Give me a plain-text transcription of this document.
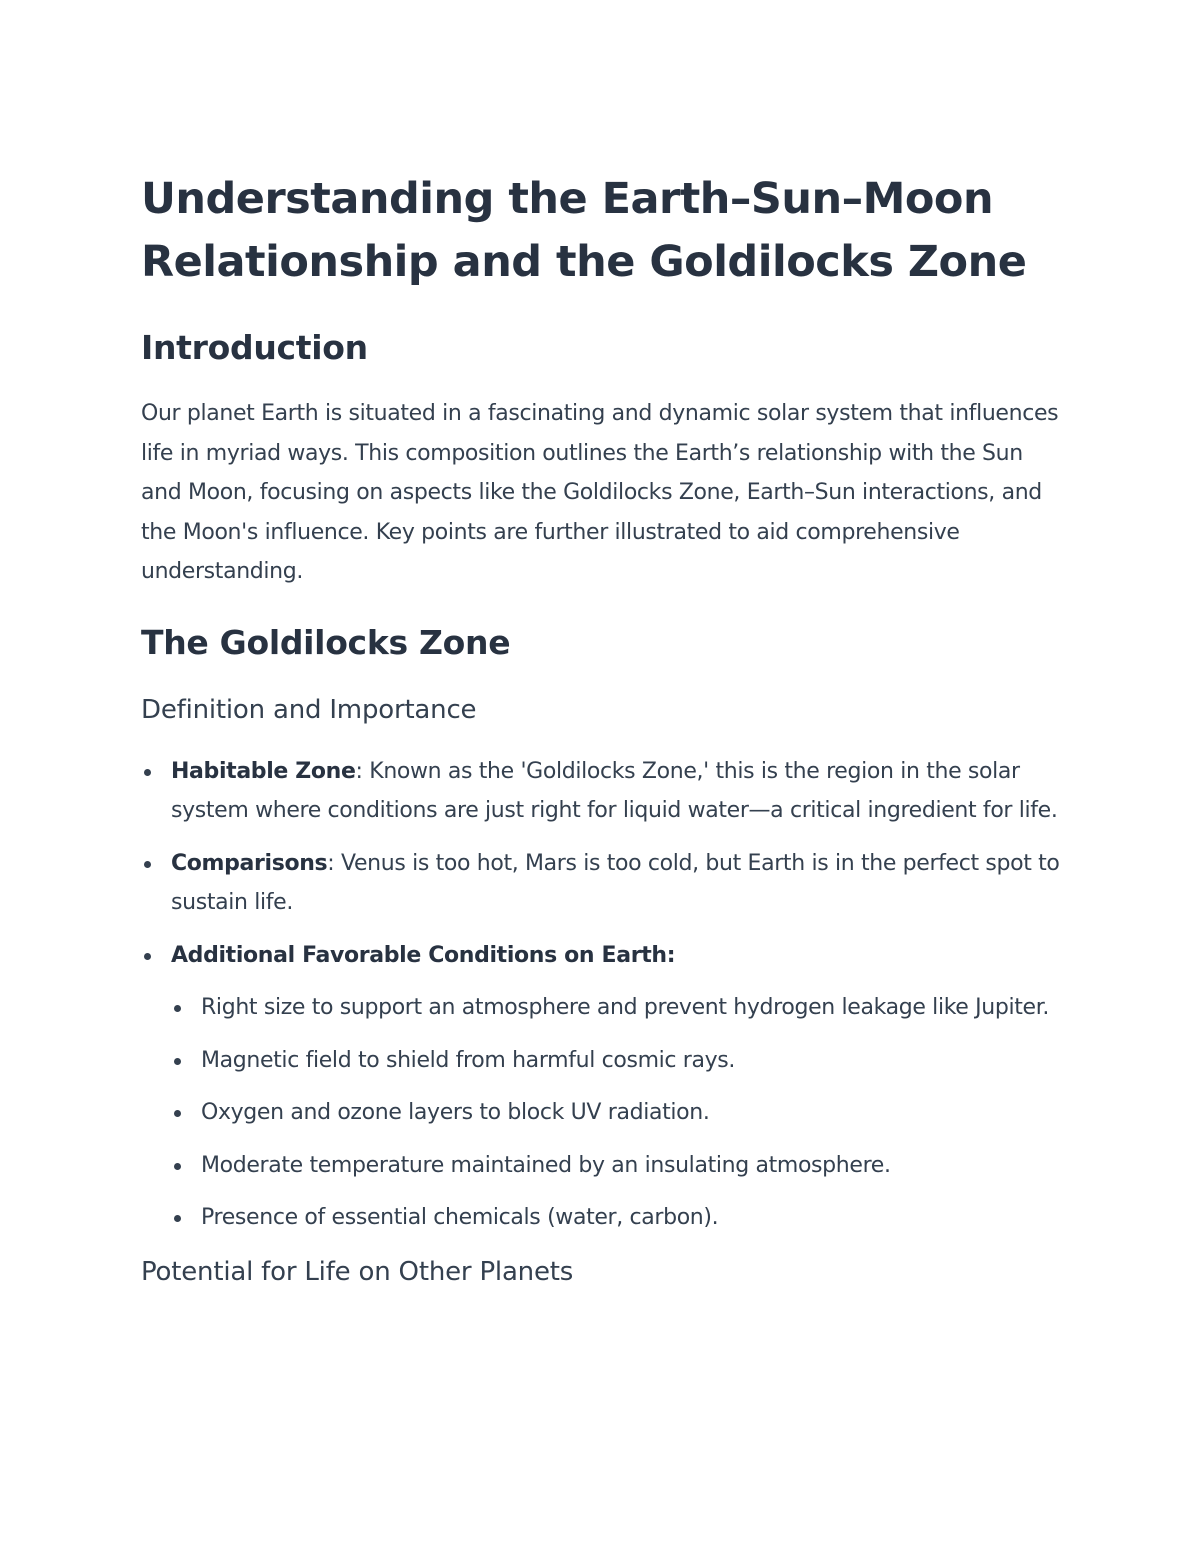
Understanding the Earth–Sun–Moon Relationship and the Goldilocks Zone
Introduction

Our planet Earth is situated in a fascinating and dynamic solar system that influences life in myriad ways. This composition outlines the Earth’s relationship with the Sun and Moon, focusing on aspects like the Goldilocks Zone, Earth–Sun interactions, and the Moon's influence. Key points are further illustrated to aid comprehensive understanding.

The Goldilocks Zone
Definition and Importance
Habitable Zone: Known as the 'Goldilocks Zone,' this is the region in the solar system where conditions are just right for liquid water—a critical ingredient for life.
Comparisons: Venus is too hot, Mars is too cold, but Earth is in the perfect spot to sustain life.
Additional Favorable Conditions on Earth:
Right size to support an atmosphere and prevent hydrogen leakage like Jupiter.
Magnetic field to shield from harmful cosmic rays.
Oxygen and ozone layers to block UV radiation.
Moderate temperature maintained by an insulating atmosphere.
Presence of essential chemicals (water, carbon).
Potential for Life on Other Planets
